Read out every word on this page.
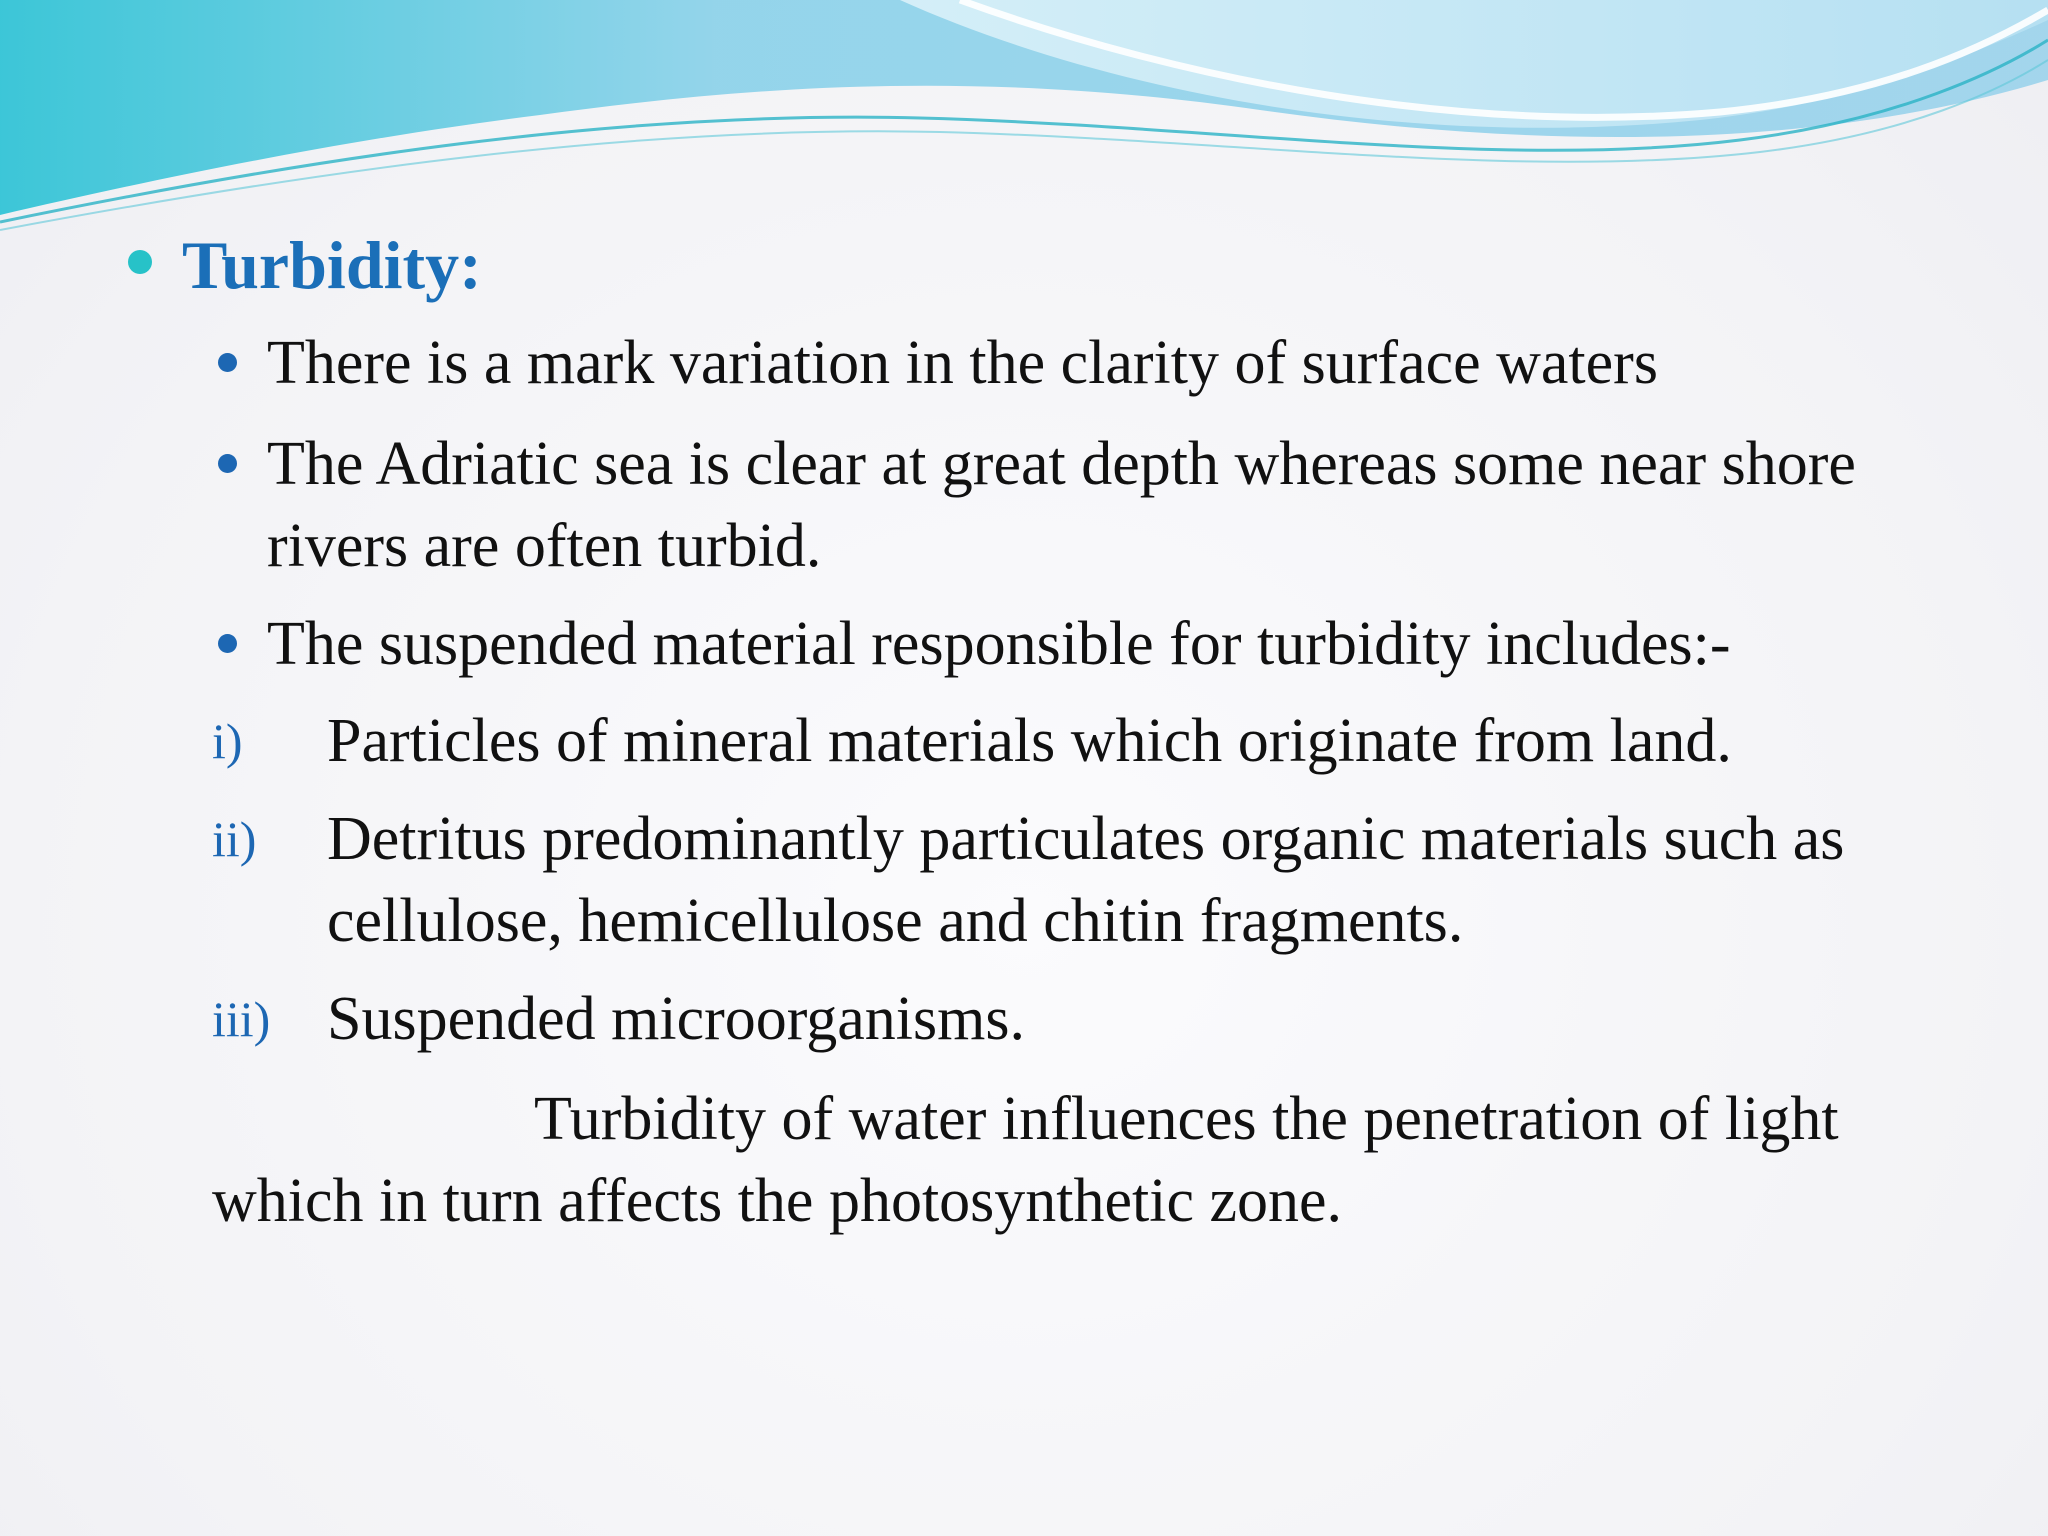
Turbidity:
There is a mark variation in the clarity of surface waters
The Adriatic sea is clear at great depth whereas some near shore rivers are often turbid.
The suspended material responsible for turbidity includes:-
i)	Particles of mineral materials which originate from land.
ii)	Detritus predominantly particulates organic materials such as cellulose, hemicellulose and chitin fragments.
iii) Suspended microorganisms.
Turbidity of water influences the penetration of light which in turn affects the photosynthetic zone.
